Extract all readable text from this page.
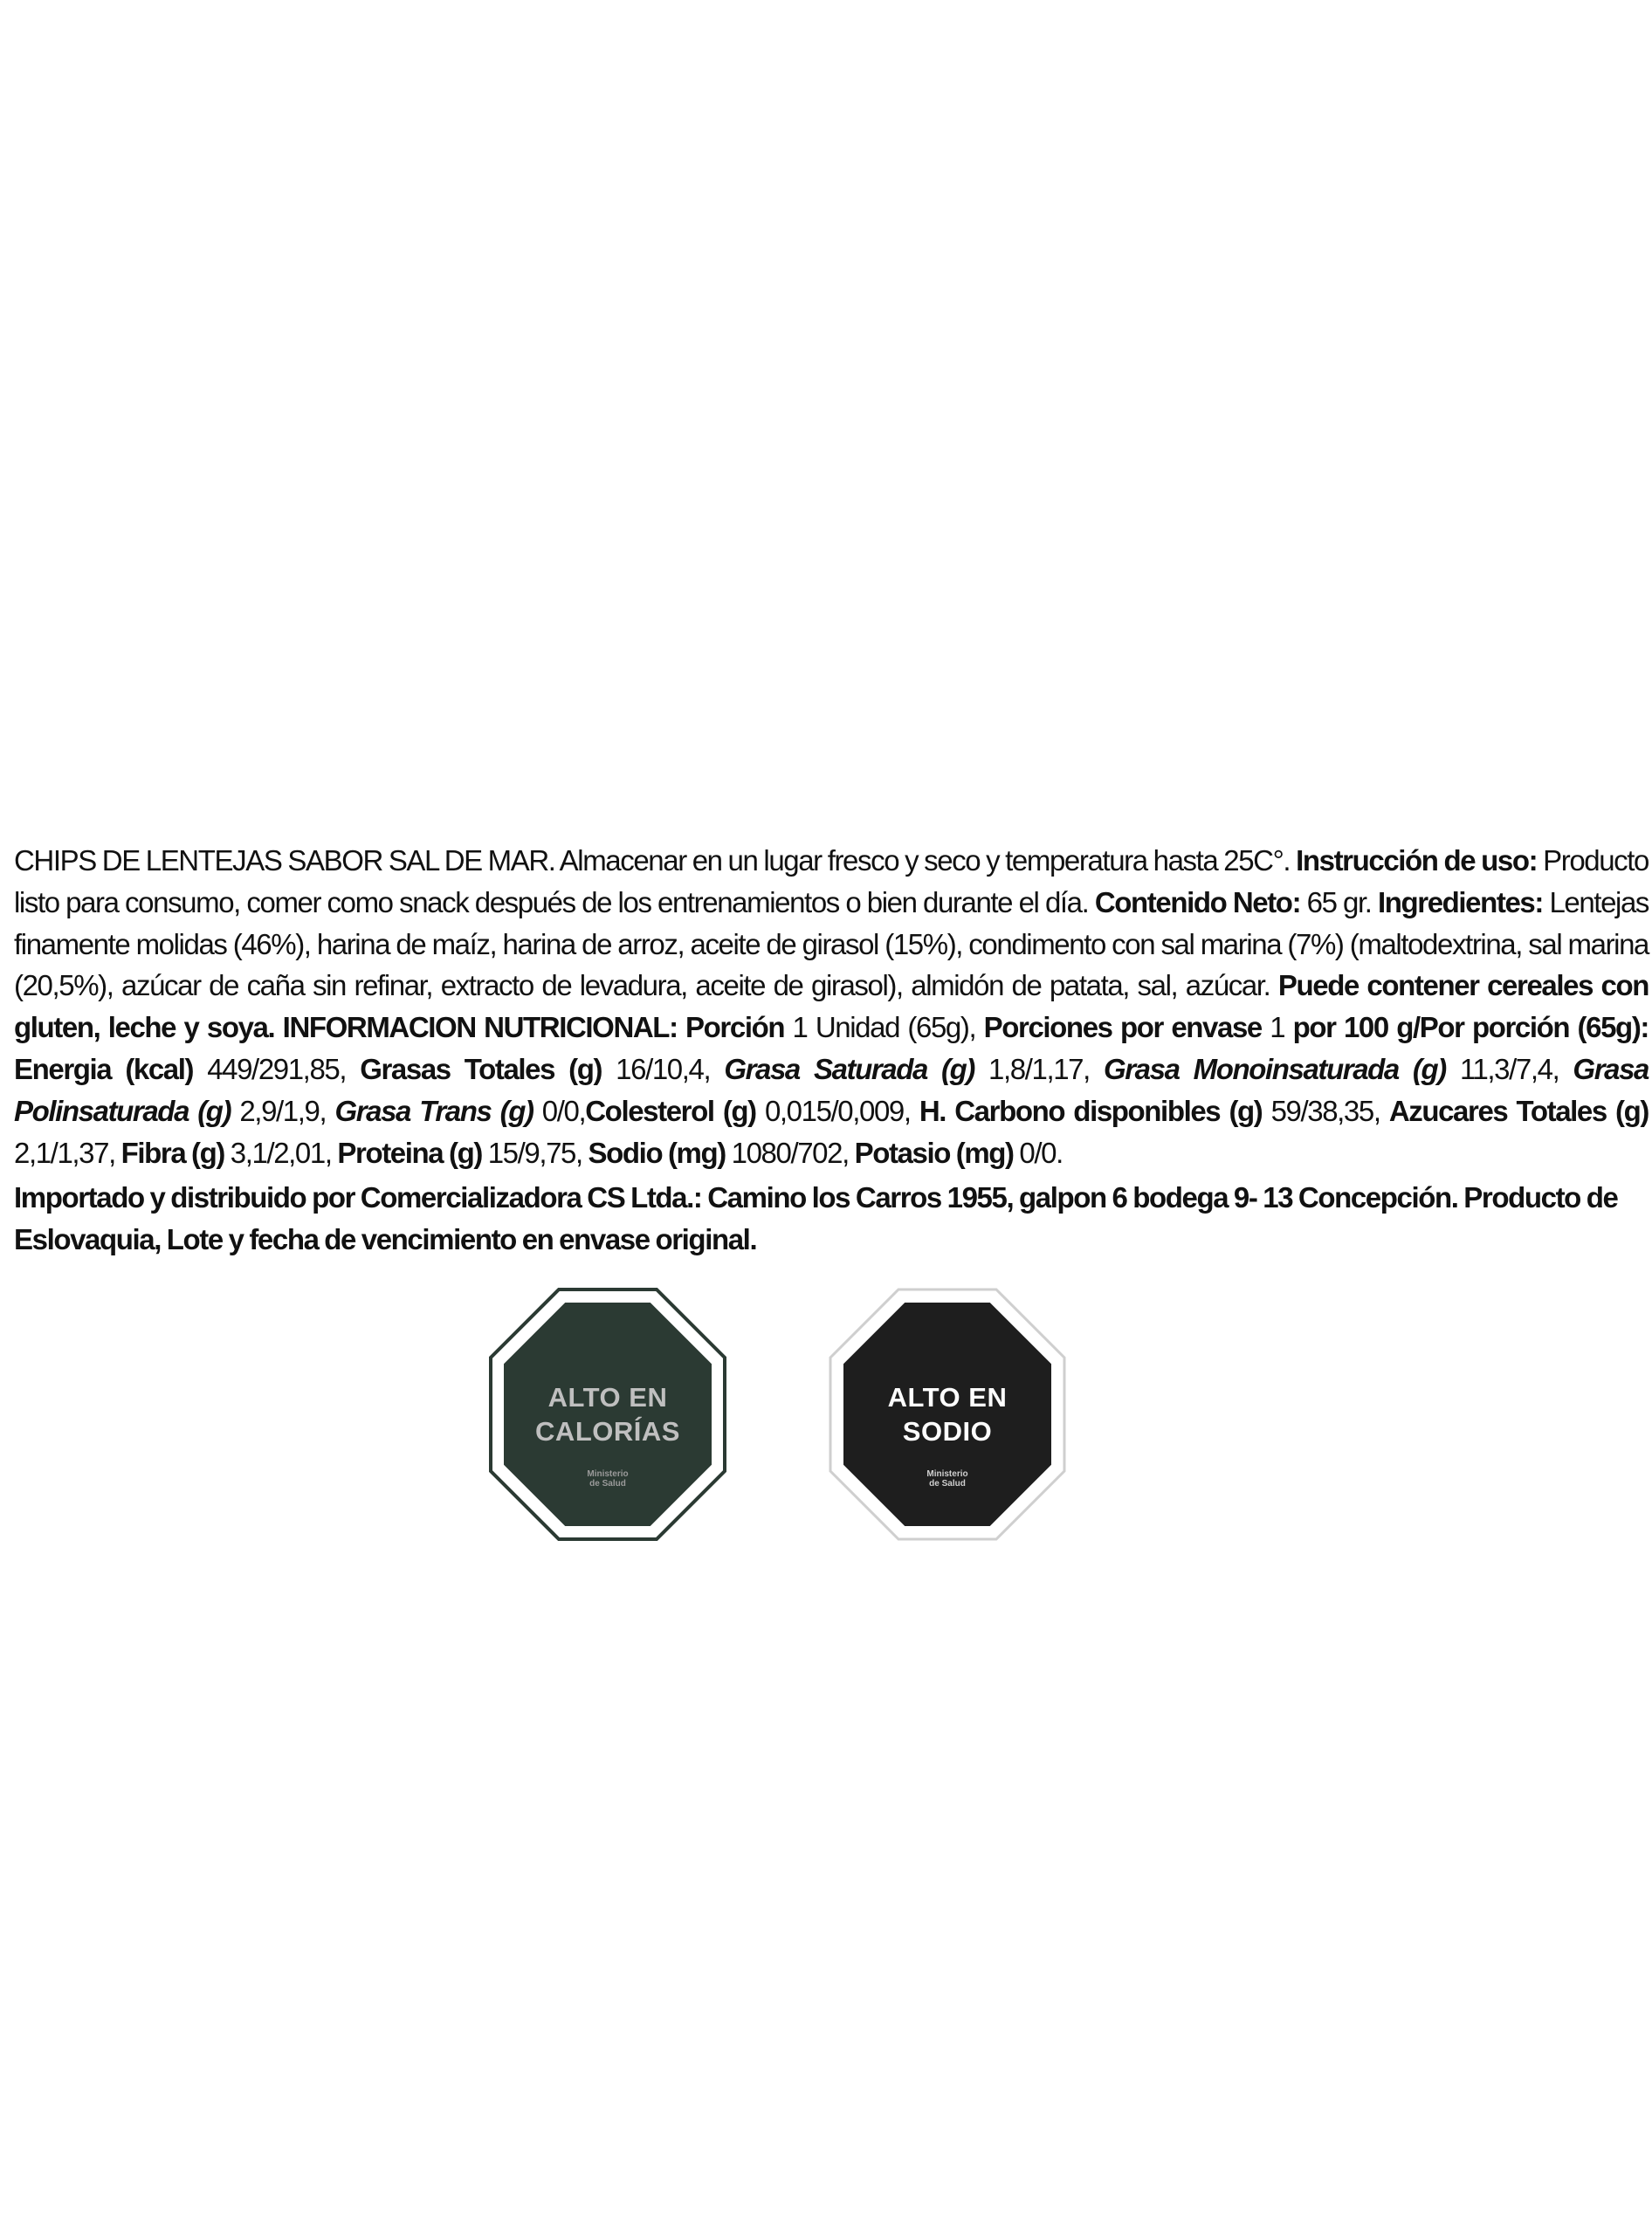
CHIPS DE LENTEJAS SABOR SAL DE MAR. Almacenar en un lugar fresco y seco y temperatura hasta 25C°. Instrucción de uso: Producto listo para consumo, comer como snack después de los entrenamientos o bien durante el día. Contenido Neto: 65 gr. Ingredientes: Lentejas finamente molidas (46%), harina de maíz, harina de arroz, aceite de girasol (15%), condimento con sal marina (7%) (maltodextrina, sal marina (20,5%), azúcar de caña sin refinar, extracto de levadura, aceite de girasol), almidón de patata, sal, azúcar. Puede contener cereales con gluten, leche y soya. INFORMACION NUTRICIONAL: Porción 1 Unidad (65g), Porciones por envase 1 por 100 g/Por porción (65g): Energia (kcal) 449/291,85, Grasas Totales (g) 16/10,4, Grasa Saturada (g) 1,8/1,17, Grasa Monoinsaturada (g) 11,3/7,4, Grasa Polinsaturada (g) 2,9/1,9, Grasa Trans (g) 0/0,Colesterol (g) 0,015/0,009, H. Carbono disponibles (g) 59/38,35, Azucares Totales (g) 2,1/1,37, Fibra (g) 3,1/2,01, Proteina (g) 15/9,75, Sodio (mg) 1080/702, Potasio (mg) 0/0.

Importado y distribuido por Comercializadora CS Ltda.: Camino los Carros 1955, galpon 6 bodega 9- 13 Concepción. Producto de Eslovaquia, Lote y fecha de vencimiento en envase original.

ALTO EN
CALORÍAS
Ministerio
de Salud
ALTO EN
SODIO
Ministerio
de Salud
